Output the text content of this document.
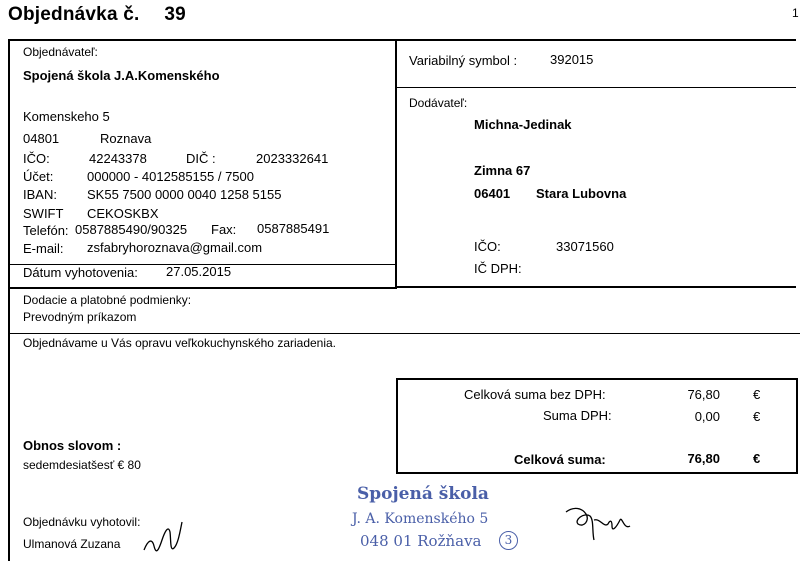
Objednávka č. 39	1
Objednávateľ:
Spojená škola J.A.Komenského
Komenskeho 5
04801	Roznava
IČO:	42243378	DIČ :	2023332641
Účet:	000000 - 4012585155 / 7500
IBAN: SK55 7500 0000 0040 1258 5155
SWIFT CEKOSKBX
Telefón: 0587885490/90325 Fax: 0587885491
E-mail: zsfabryhoroznava@gmail.com
Dátum vyhotovenia: 27.05.2015
Variabilný symbol :	392015
Dodávateľ:
Michna-Jedinak
Zimna 67
06401 Stara Lubovna
IČO:	33071560
IČ DPH:
Dodacie a platobné podmienky:
Prevodným príkazom
Objednávame u Vás opravu veľkokuchynského zariadenia.
Celková suma bez DPH:	76,80	€
Suma DPH:	0,00	€
Celková suma:	76,80	€
Obnos slovom :
sedemdesiatšesť € 80
Objednávku vyhotovil:
Ulmanová Zuzana
Spojená škola
J. A. Komenského 5
048 01 Rožňava	3
